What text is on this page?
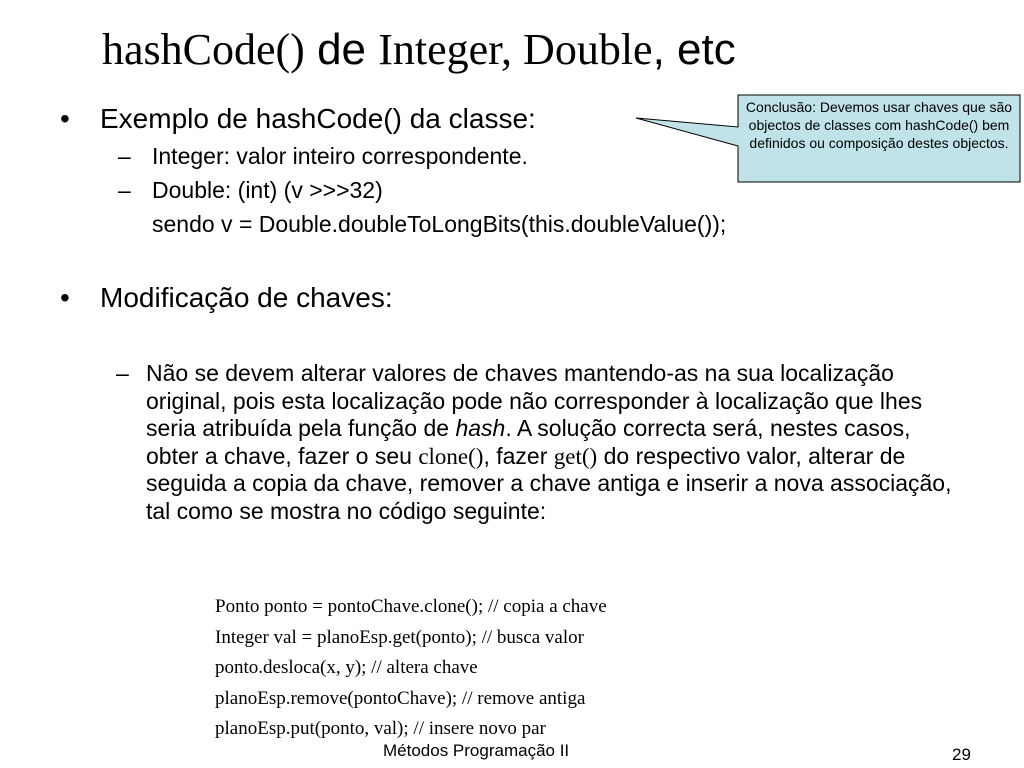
hashCode() de Integer, Double, etc
• Exemplo de hashCode() da classe:
– Integer: valor inteiro correspondente.
– Double: (int) (v >>>32)
sendo v = Double.doubleToLongBits(this.doubleValue());
• Modificação de chaves:
– Não se devem alterar valores de chaves mantendo-as na sua localização original, pois esta localização pode não corresponder à localização que lhes seria atribuída pela função de hash. A solução correcta será, nestes casos, obter a chave, fazer o seu clone(), fazer get() do respectivo valor, alterar de seguida a copia da chave, remover a chave antiga e inserir a nova associação, tal como se mostra no código seguinte:
Ponto ponto = pontoChave.clone(); // copia a chave
Integer val = planoEsp.get(ponto); // busca valor
ponto.desloca(x, y); // altera chave
planoEsp.remove(pontoChave); // remove antiga
planoEsp.put(ponto, val); // insere novo par
Conclusão: Devemos usar chaves que são objectos de classes com hashCode() bem definidos ou composição destes objectos.
Métodos Programação II	29
